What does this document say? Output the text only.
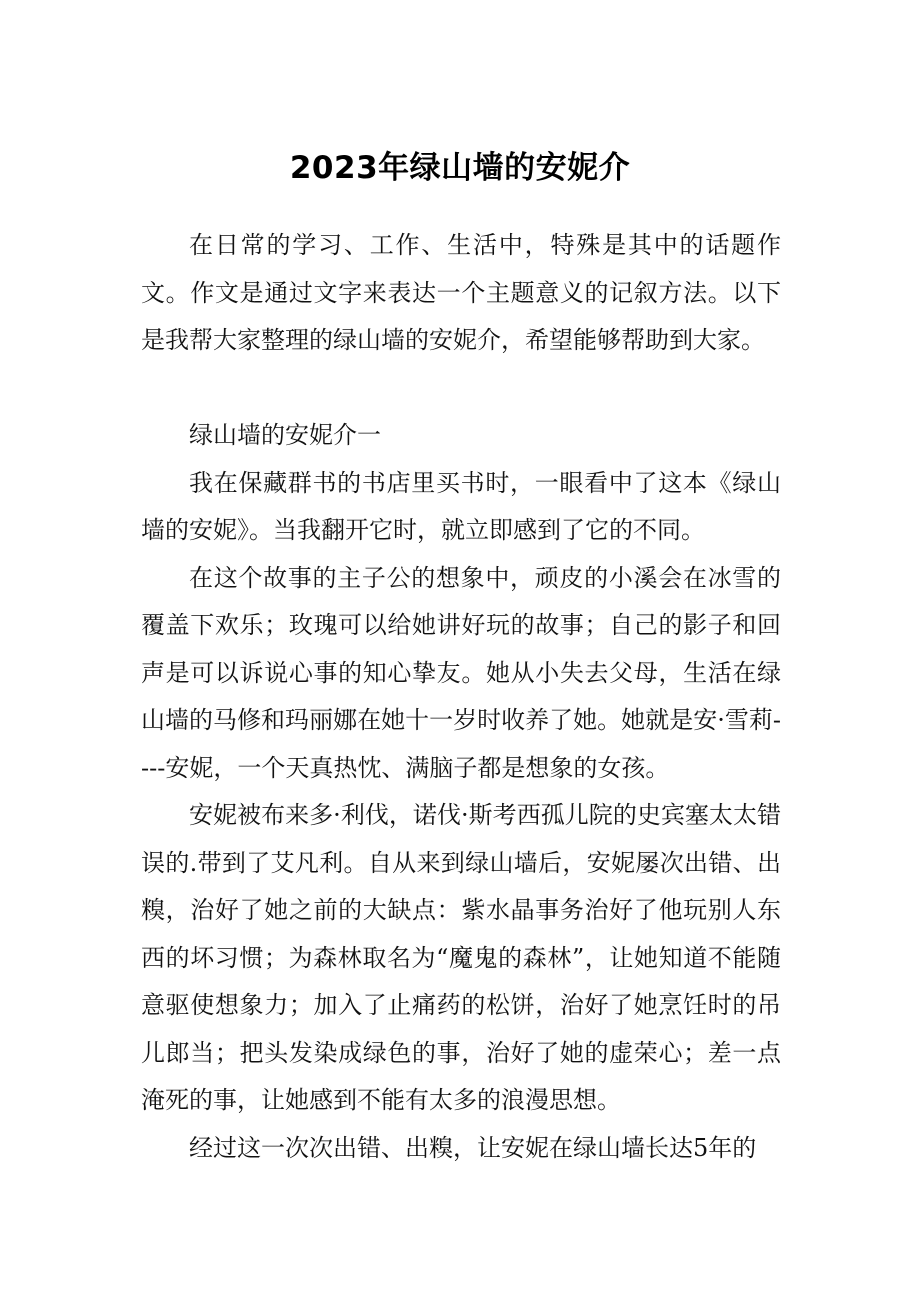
2023年绿山墙的安妮介

在日常的学习、工作、生活中，特殊是其中的话题作文。作文是通过文字来表达一个主题意义的记叙方法。以下是我帮大家整理的绿山墙的安妮介，希望能够帮助到大家。

绿山墙的安妮介一

我在保藏群书的书店里买书时，一眼看中了这本《绿山墙的安妮》。当我翻开它时，就立即感到了它的不同。

在这个故事的主子公的想象中，顽皮的小溪会在冰雪的覆盖下欢乐；玫瑰可以给她讲好玩的故事；自己的影子和回声是可以诉说心事的知心挚友。她从小失去父母，生活在绿山墙的马修和玛丽娜在她十一岁时收养了她。她就是安·雪莉----安妮，一个天真热忱、满脑子都是想象的女孩。

安妮被布来多·利伐，诺伐·斯考西孤儿院的史宾塞太太错误的.带到了艾凡利。自从来到绿山墙后，安妮屡次出错、出糗，治好了她之前的大缺点：紫水晶事务治好了他玩别人东西的坏习惯；为森林取名为“魔鬼的森林”，让她知道不能随意驱使想象力；加入了止痛药的松饼，治好了她烹饪时的吊儿郎当；把头发染成绿色的事，治好了她的虚荣心；差一点淹死的事，让她感到不能有太多的浪漫思想。

经过这一次次出错、出糗，让安妮在绿山墙长达5年的
